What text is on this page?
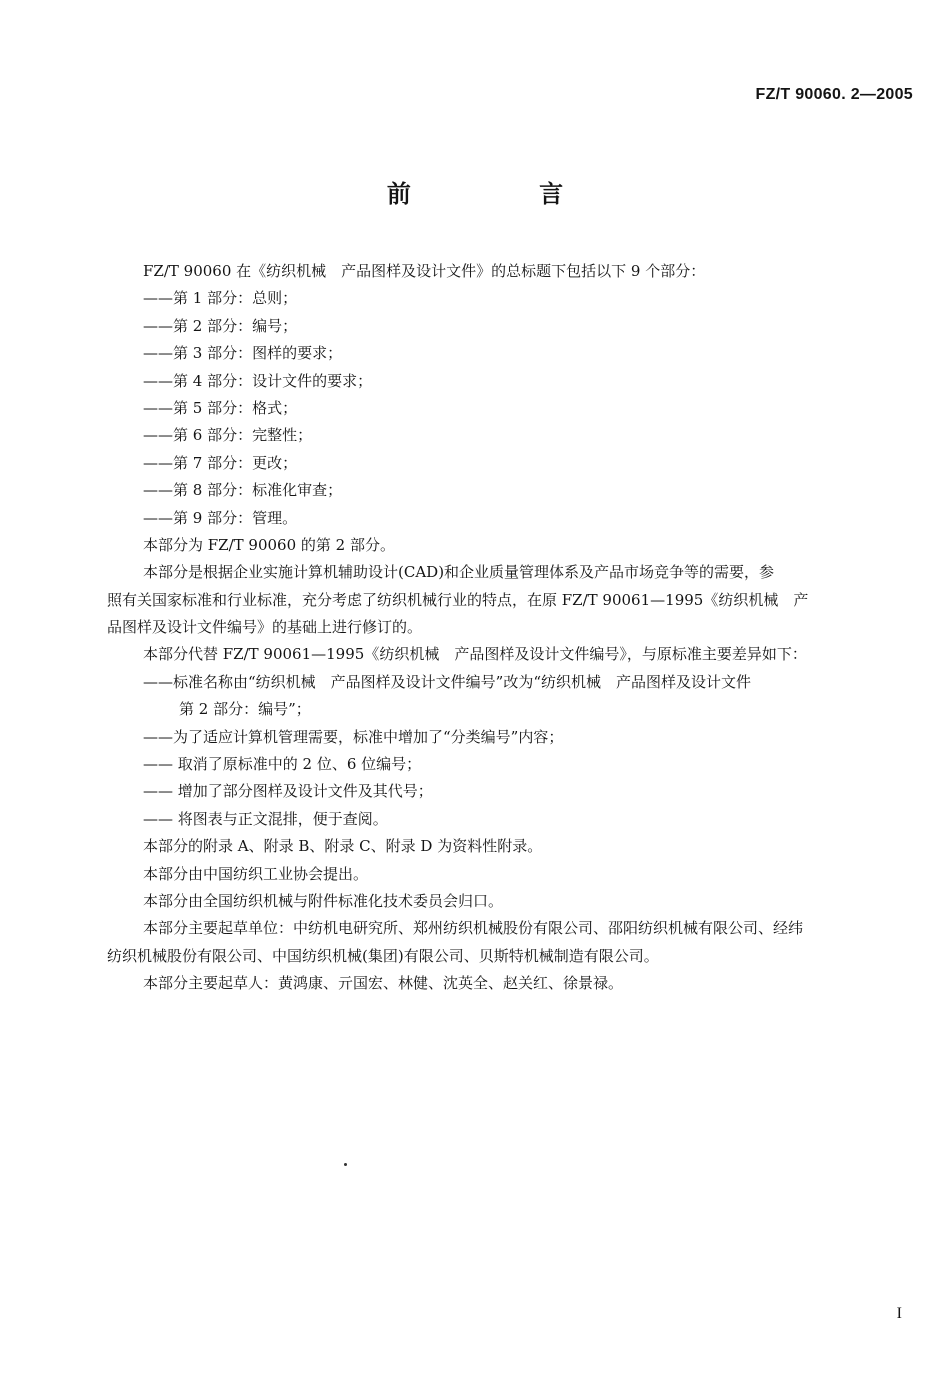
FZ/T 90060. 2—2005
前 言
FZ/T 90060 在《纺织机械　产品图样及设计文件》的总标题下包括以下 9 个部分：
——第 1 部分：总则；
——第 2 部分：编号；
——第 3 部分：图样的要求；
——第 4 部分：设计文件的要求；
——第 5 部分：格式；
——第 6 部分：完整性；
——第 7 部分：更改；
——第 8 部分：标准化审查；
——第 9 部分：管理。
本部分为 FZ/T 90060 的第 2 部分。
本部分是根据企业实施计算机辅助设计(CAD)和企业质量管理体系及产品市场竞争等的需要，参
照有关国家标准和行业标准，充分考虑了纺织机械行业的特点，在原 FZ/T 90061—1995《纺织机械　产
品图样及设计文件编号》的基础上进行修订的。
本部分代替 FZ/T 90061—1995《纺织机械　产品图样及设计文件编号》，与原标准主要差异如下：
——标准名称由“纺织机械　产品图样及设计文件编号”改为“纺织机械　产品图样及设计文件
第 2 部分：编号”；
——为了适应计算机管理需要，标准中增加了“分类编号”内容；
—— 取消了原标准中的 2 位、6 位编号；
—— 增加了部分图样及设计文件及其代号；
—— 将图表与正文混排，便于查阅。
本部分的附录 A、附录 B、附录 C、附录 D 为资料性附录。
本部分由中国纺织工业协会提出。
本部分由全国纺织机械与附件标准化技术委员会归口。
本部分主要起草单位：中纺机电研究所、郑州纺织机械股份有限公司、邵阳纺织机械有限公司、经纬
纺织机械股份有限公司、中国纺织机械(集团)有限公司、贝斯特机械制造有限公司。
本部分主要起草人：黄鸿康、亓国宏、林健、沈英全、赵关红、徐景禄。
I
